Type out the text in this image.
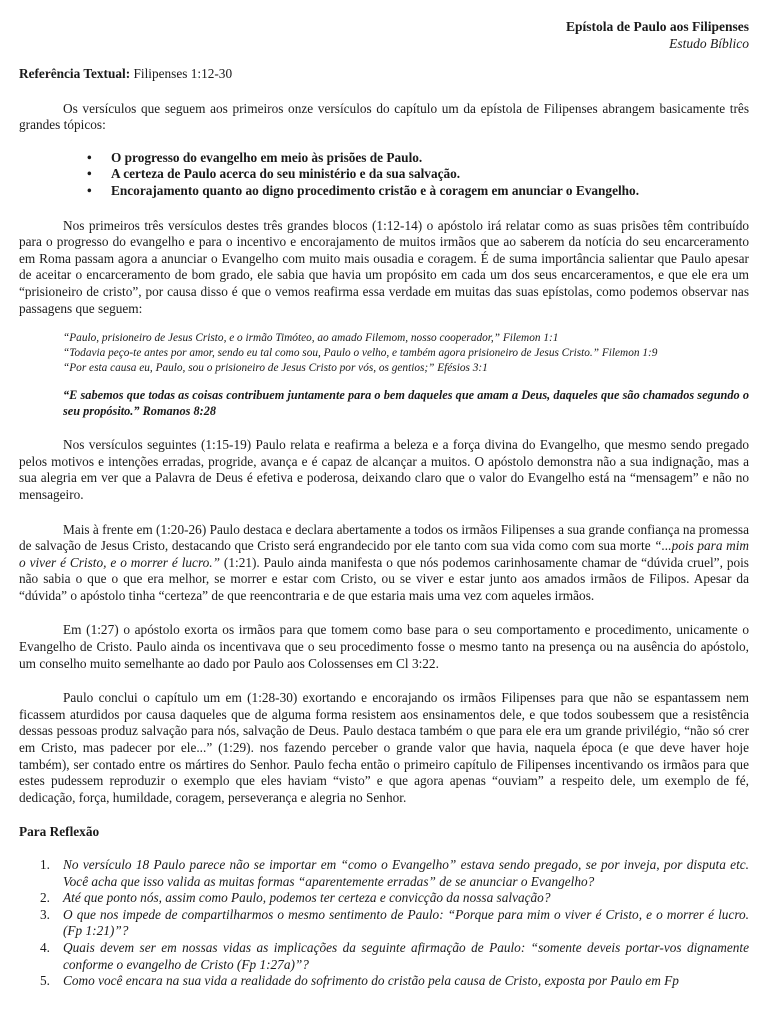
Epístola de Paulo aos Filipenses
Estudo Bíblico

Referência Textual: Filipenses 1:12-30

Os versículos que seguem aos primeiros onze versículos do capítulo um da epístola de Filipenses abrangem basicamente três grandes tópicos:

• O progresso do evangelho em meio às prisões de Paulo.
• A certeza de Paulo acerca do seu ministério e da sua salvação.
• Encorajamento quanto ao digno procedimento cristão e à coragem em anunciar o Evangelho.

Nos primeiros três versículos destes três grandes blocos (1:12-14) o apóstolo irá relatar como as suas prisões têm contribuído para o progresso do evangelho e para o incentivo e encorajamento de muitos irmãos que ao saberem da notícia do seu encarceramento em Roma passam agora a anunciar o Evangelho com muito mais ousadia e coragem. É de suma importância salientar que Paulo apesar de aceitar o encarceramento de bom grado, ele sabia que havia um propósito em cada um dos seus encarceramentos, e que ele era um “prisioneiro de cristo”, por causa disso é que o vemos reafirma essa verdade em muitas das suas epístolas, como podemos observar nas passagens que seguem:

“Paulo, prisioneiro de Jesus Cristo, e o irmão Timóteo, ao amado Filemom, nosso cooperador,” Filemon 1:1
“Todavia peço-te antes por amor, sendo eu tal como sou, Paulo o velho, e também agora prisioneiro de Jesus Cristo.” Filemon 1:9
“Por esta causa eu, Paulo, sou o prisioneiro de Jesus Cristo por vós, os gentios;” Efésios 3:1
“E sabemos que todas as coisas contribuem juntamente para o bem daqueles que amam a Deus, daqueles que são chamados segundo o seu propósito.” Romanos 8:28

Nos versículos seguintes (1:15-19) Paulo relata e reafirma a beleza e a força divina do Evangelho, que mesmo sendo pregado pelos motivos e intenções erradas, progride, avança e é capaz de alcançar a muitos. O apóstolo demonstra não a sua indignação, mas a sua alegria em ver que a Palavra de Deus é efetiva e poderosa, deixando claro que o valor do Evangelho está na “mensagem” e não no mensageiro.

Mais à frente em (1:20-26) Paulo destaca e declara abertamente a todos os irmãos Filipenses a sua grande confiança na promessa de salvação de Jesus Cristo, destacando que Cristo será engrandecido por ele tanto com sua vida como com sua morte “...pois para mim o viver é Cristo, e o morrer é lucro.” (1:21). Paulo ainda manifesta o que nós podemos carinhosamente chamar de “dúvida cruel”, pois não sabia o que o que era melhor, se morrer e estar com Cristo, ou se viver e estar junto aos amados irmãos de Filipos. Apesar da “dúvida” o apóstolo tinha “certeza” de que reencontraria e de que estaria mais uma vez com aqueles irmãos.

Em (1:27) o apóstolo exorta os irmãos para que tomem como base para o seu comportamento e procedimento, unicamente o Evangelho de Cristo. Paulo ainda os incentivava que o seu procedimento fosse o mesmo tanto na presença ou na ausência do apóstolo, um conselho muito semelhante ao dado por Paulo aos Colossenses em Cl 3:22.

Paulo conclui o capítulo um em (1:28-30) exortando e encorajando os irmãos Filipenses para que não se espantassem nem ficassem aturdidos por causa daqueles que de alguma forma resistem aos ensinamentos dele, e que todos soubessem que a resistência dessas pessoas produz salvação para nós, salvação de Deus. Paulo destaca também o que para ele era um grande privilégio, “não só crer em Cristo, mas padecer por ele...” (1:29). nos fazendo perceber o grande valor que havia, naquela época (e que deve haver hoje também), ser contado entre os mártires do Senhor. Paulo fecha então o primeiro capítulo de Filipenses incentivando os irmãos para que estes pudessem reproduzir o exemplo que eles haviam “visto” e que agora apenas “ouviam” a respeito dele, um exemplo de fé, dedicação, força, humildade, coragem, perseverança e alegria no Senhor.

Para Reflexão

1. No versículo 18 Paulo parece não se importar em “como o Evangelho” estava sendo pregado, se por inveja, por disputa etc. Você acha que isso valida as muitas formas “aparentemente erradas” de se anunciar o Evangelho?
2. Até que ponto nós, assim como Paulo, podemos ter certeza e convicção da nossa salvação?
3. O que nos impede de compartilharmos o mesmo sentimento de Paulo: “Porque para mim o viver é Cristo, e o morrer é lucro. (Fp 1:21)”?
4. Quais devem ser em nossas vidas as implicações da seguinte afirmação de Paulo: “somente deveis portar-vos dignamente conforme o evangelho de Cristo (Fp 1:27a)”?
5. Como você encara na sua vida a realidade do sofrimento do cristão pela causa de Cristo, exposta por Paulo em Fp
